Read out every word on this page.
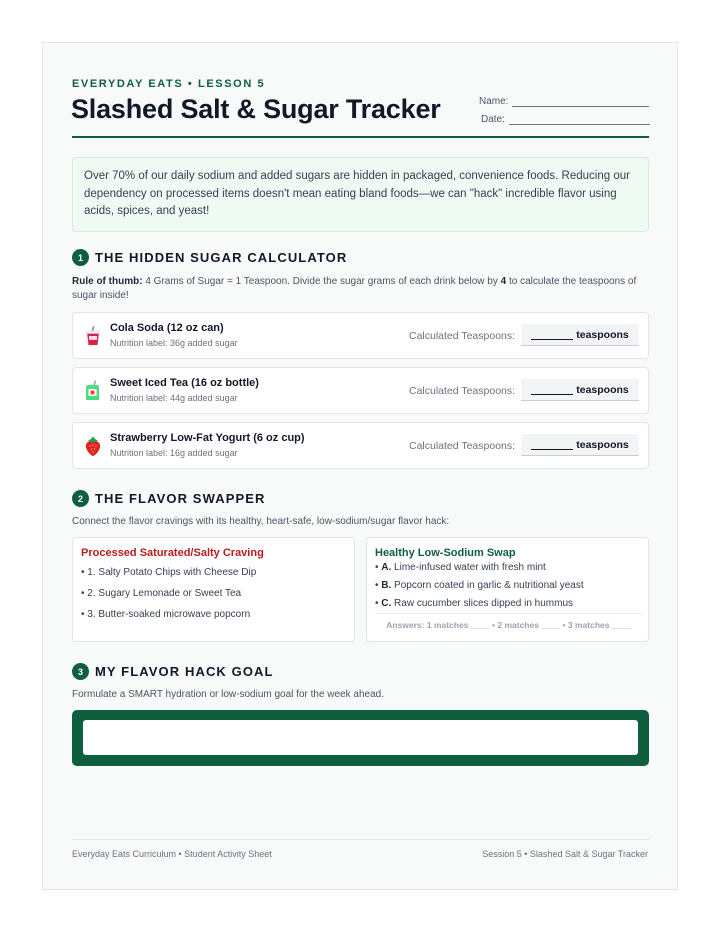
EVERYDAY EATS • LESSON 5
Slashed Salt & Sugar Tracker	Name:
Date:
Over 70% of our daily sodium and added sugars are hidden in packaged, convenience foods. Reducing our dependency on processed items doesn't mean eating bland foods—we can "hack" incredible flavor using acids, spices, and yeast!
1 THE HIDDEN SUGAR CALCULATOR
Rule of thumb: 4 Grams of Sugar = 1 Teaspoon. Divide the sugar grams of each drink below by 4 to calculate the teaspoons of sugar inside!
Cola Soda (12 oz can)
Nutrition label: 36g added sugar
Calculated Teaspoons:	teaspoons
Sweet Iced Tea (16 oz bottle)
Nutrition label: 44g added sugar
Calculated Teaspoons:	teaspoons
Strawberry Low-Fat Yogurt (6 oz cup)
Nutrition label: 16g added sugar
Calculated Teaspoons:	teaspoons
2 THE FLAVOR SWAPPER
Connect the flavor cravings with its healthy, heart-safe, low-sodium/sugar flavor hack:
Processed Saturated/Salty Craving
• 1. Salty Potato Chips with Cheese Dip
• 2. Sugary Lemonade or Sweet Tea
• 3. Butter-soaked microwave popcorn
Healthy Low-Sodium Swap
• A. Lime-infused water with fresh mint
• B. Popcorn coated in garlic & nutritional yeast
• C. Raw cucumber slices dipped in hummus
Answers: 1 matches ____ • 2 matches ____ • 3 matches ____
3 MY FLAVOR HACK GOAL
Formulate a SMART hydration or low-sodium goal for the week ahead.
Everyday Eats Curriculum • Student Activity Sheet	Session 5 • Slashed Salt & Sugar Tracker
